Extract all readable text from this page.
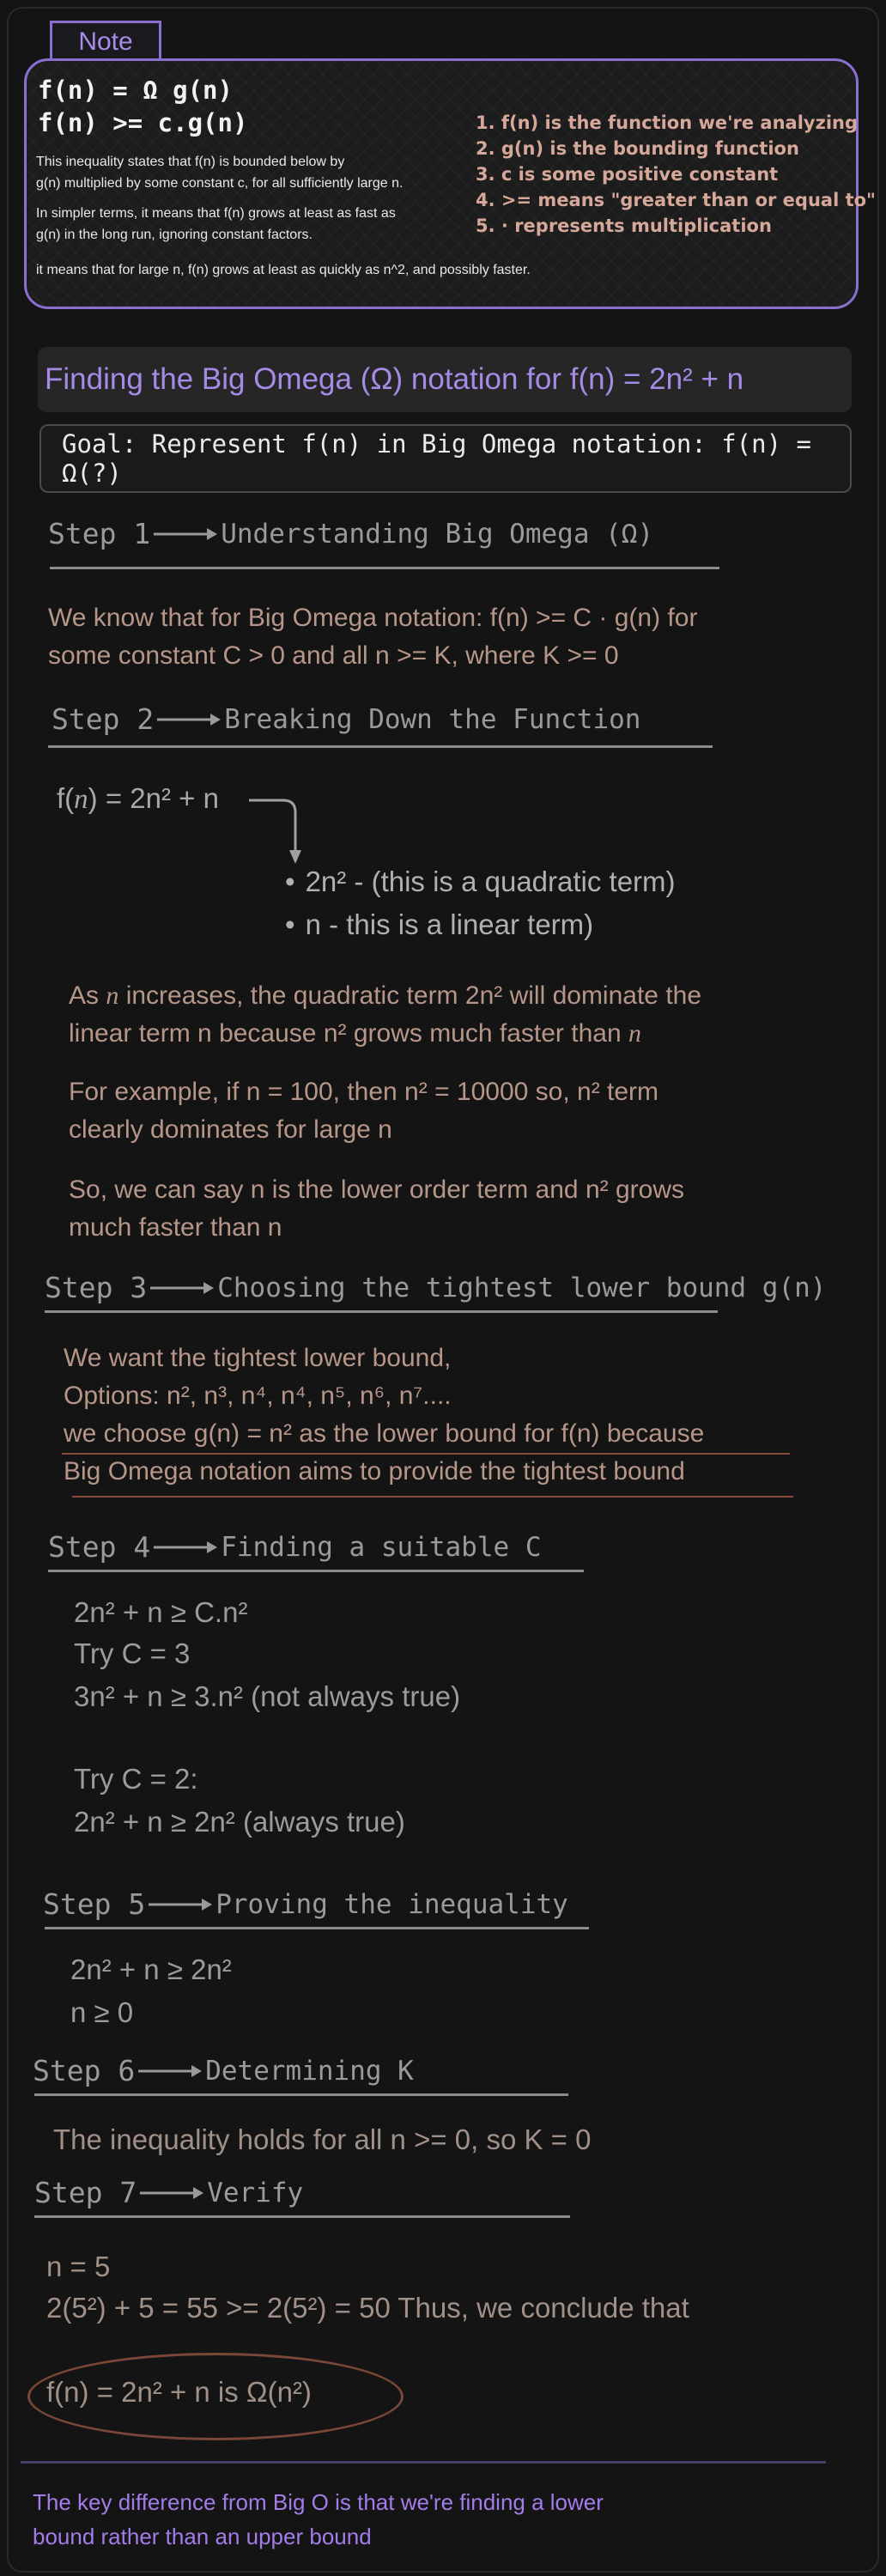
Note
f(n) = Ω g(n)
f(n) >= c.g(n)
This inequality states that f(n) is bounded below by
g(n) multiplied by some constant c, for all sufficiently large n.
In simpler terms, it means that f(n) grows at least as fast as
g(n) in the long run, ignoring constant factors.
it means that for large n, f(n) grows at least as quickly as n^2, and possibly faster.
1. f(n) is the function we're analyzing
2. g(n) is the bounding function
3. c is some positive constant
4. >= means "greater than or equal to"
5. · represents multiplication
Finding the Big Omega (Ω) notation for f(n) = 2n² + n
Goal: Represent f(n) in Big Omega notation: f(n) = Ω(?)
Step 1	Understanding Big Omega (Ω)
We know that for Big Omega notation: f(n) >= C · g(n) for
some constant C > 0 and all n >= K, where K >= 0
Step 2	Breaking Down the Function
f(n) = 2n² + n
• 2n² - (this is a quadratic term)
• n - this is a linear term)
As n increases, the quadratic term 2n² will dominate the
linear term n because n² grows much faster than n
For example, if n = 100, then n² = 10000 so, n² term
clearly dominates for large n
So, we can say n is the lower order term and n² grows
much faster than n
Step 3	Choosing the tightest lower bound g(n)
We want the tightest lower bound,
Options: n², n³, n⁴, n⁴, n⁵, n⁶, n⁷....
we choose g(n) = n² as the lower bound for f(n) because
Big Omega notation aims to provide the tightest bound
Step 4	Finding a suitable C
2n² + n ≥ C.n²
Try C = 3
3n² + n ≥ 3.n² (not always true)
Try C = 2:
2n² + n ≥ 2n² (always true)
Step 5	Proving the inequality
2n² + n ≥ 2n²
n ≥ 0
Step 6	Determining K
The inequality holds for all n >= 0, so K = 0
Step 7	Verify
n = 5
2(5²) + 5 = 55 >= 2(5²) = 50 Thus, we conclude that
f(n) = 2n² + n is Ω(n²)
The key difference from Big O is that we're finding a lower
bound rather than an upper bound
